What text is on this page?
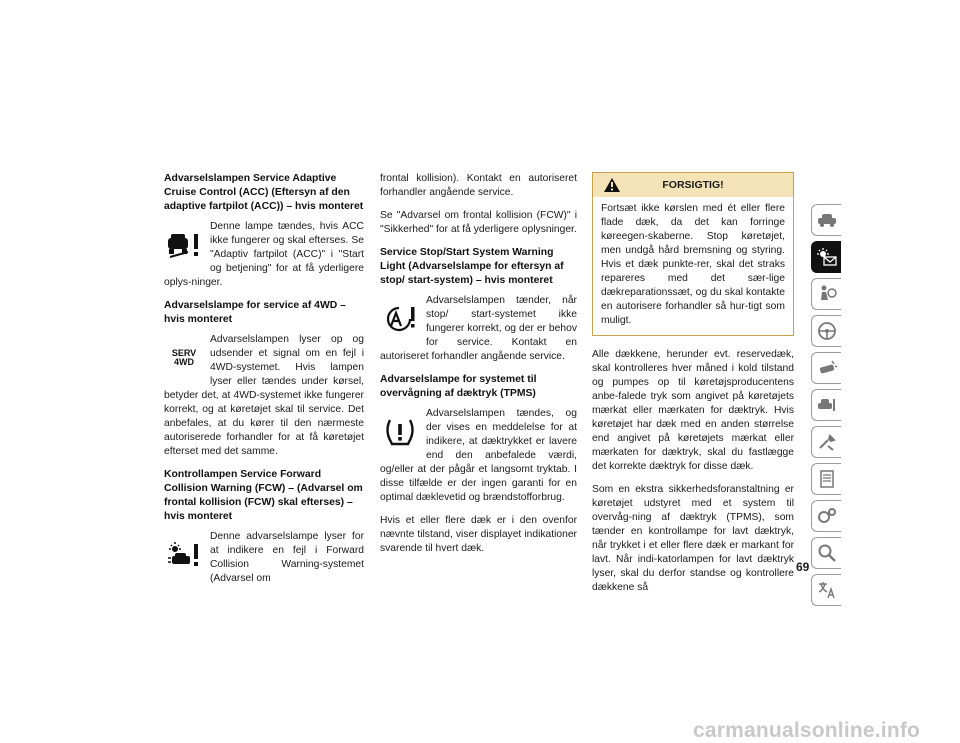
Advarselslampen Service Adaptive Cruise Control (ACC) (Eftersyn af den adaptive fartpilot (ACC)) – hvis monteret
Denne lampe tændes, hvis ACC ikke fungerer og skal efterses. Se "Adaptiv fartpilot (ACC)" i "Start og betjening" for at få yderligere oplys-ninger.
Advarselslampe for service af 4WD – hvis monteret
SERV
4WD
Advarselslampen lyser op og udsender et signal om en fejl i 4WD-systemet. Hvis lampen lyser eller tændes under kørsel, betyder det, at 4WD-systemet ikke fungerer korrekt, og at køretøjet skal til service. Det anbefales, at du kører til den nærmeste autoriserede forhandler for at få køretøjet efterset med det samme.
Kontrollampen Service Forward Collision Warning (FCW) – (Advarsel om frontal kollision (FCW) skal efterses) – hvis monteret
Denne advarselslampe lyser for at indikere en fejl i Forward Collision Warning-systemet (Advarsel om

frontal kollision). Kontakt en autoriseret forhandler angående service.

Se "Advarsel om frontal kollision (FCW)" i "Sikkerhed" for at få yderligere oplysninger.

Service Stop/Start System Warning Light (Advarselslampe for eftersyn af stop/ start-system) – hvis monteret
Advarselslampen tænder, når stop/ start-systemet ikke fungerer korrekt, og der er behov for service. Kontakt en autoriseret forhandler angående service.
Advarselslampe for systemet til overvågning af dæktryk (TPMS)
Advarselslampen tændes, og der vises en meddelelse for at indikere, at dæktrykket er lavere end den anbefalede værdi, og/eller at der pågår et langsomt tryktab. I disse tilfælde er der ingen garanti for en optimal dæklevetid og brændstofforbrug.

Hvis et eller flere dæk er i den ovenfor nævnte tilstand, viser displayet indikationer svarende til hvert dæk.

FORSIGTIG!
Fortsæt ikke kørslen med ét eller flere flade dæk, da det kan forringe køreegen-skaberne. Stop køretøjet, men undgå hård bremsning og styring. Hvis et dæk punkte-rer, skal det straks repareres med det sær-lige dækreparationssæt, og du skal kontakte en autorisere forhandler så hur-tigt som muligt.

Alle dækkene, herunder evt. reservedæk, skal kontrolleres hver måned i kold tilstand og pumpes op til køretøjsproducentens anbe-falede tryk som angivet på køretøjets mærkat eller mærkaten for dæktryk. Hvis køretøjet har dæk med en anden størrelse end angivet på køretøjets mærkat eller mærkaten for dæktryk, skal du fastlægge det korrekte dæktryk for disse dæk.

Som en ekstra sikkerhedsforanstaltning er køretøjet udstyret med et system til overvåg-ning af dæktryk (TPMS), som tænder en kontrollampe for lavt dæktryk, når trykket i et eller flere dæk er markant for lavt. Når indi-katorlampen for lavt dæktryk lyser, skal du derfor standse og kontrollere dækkene så

69
carmanualsonline.info
